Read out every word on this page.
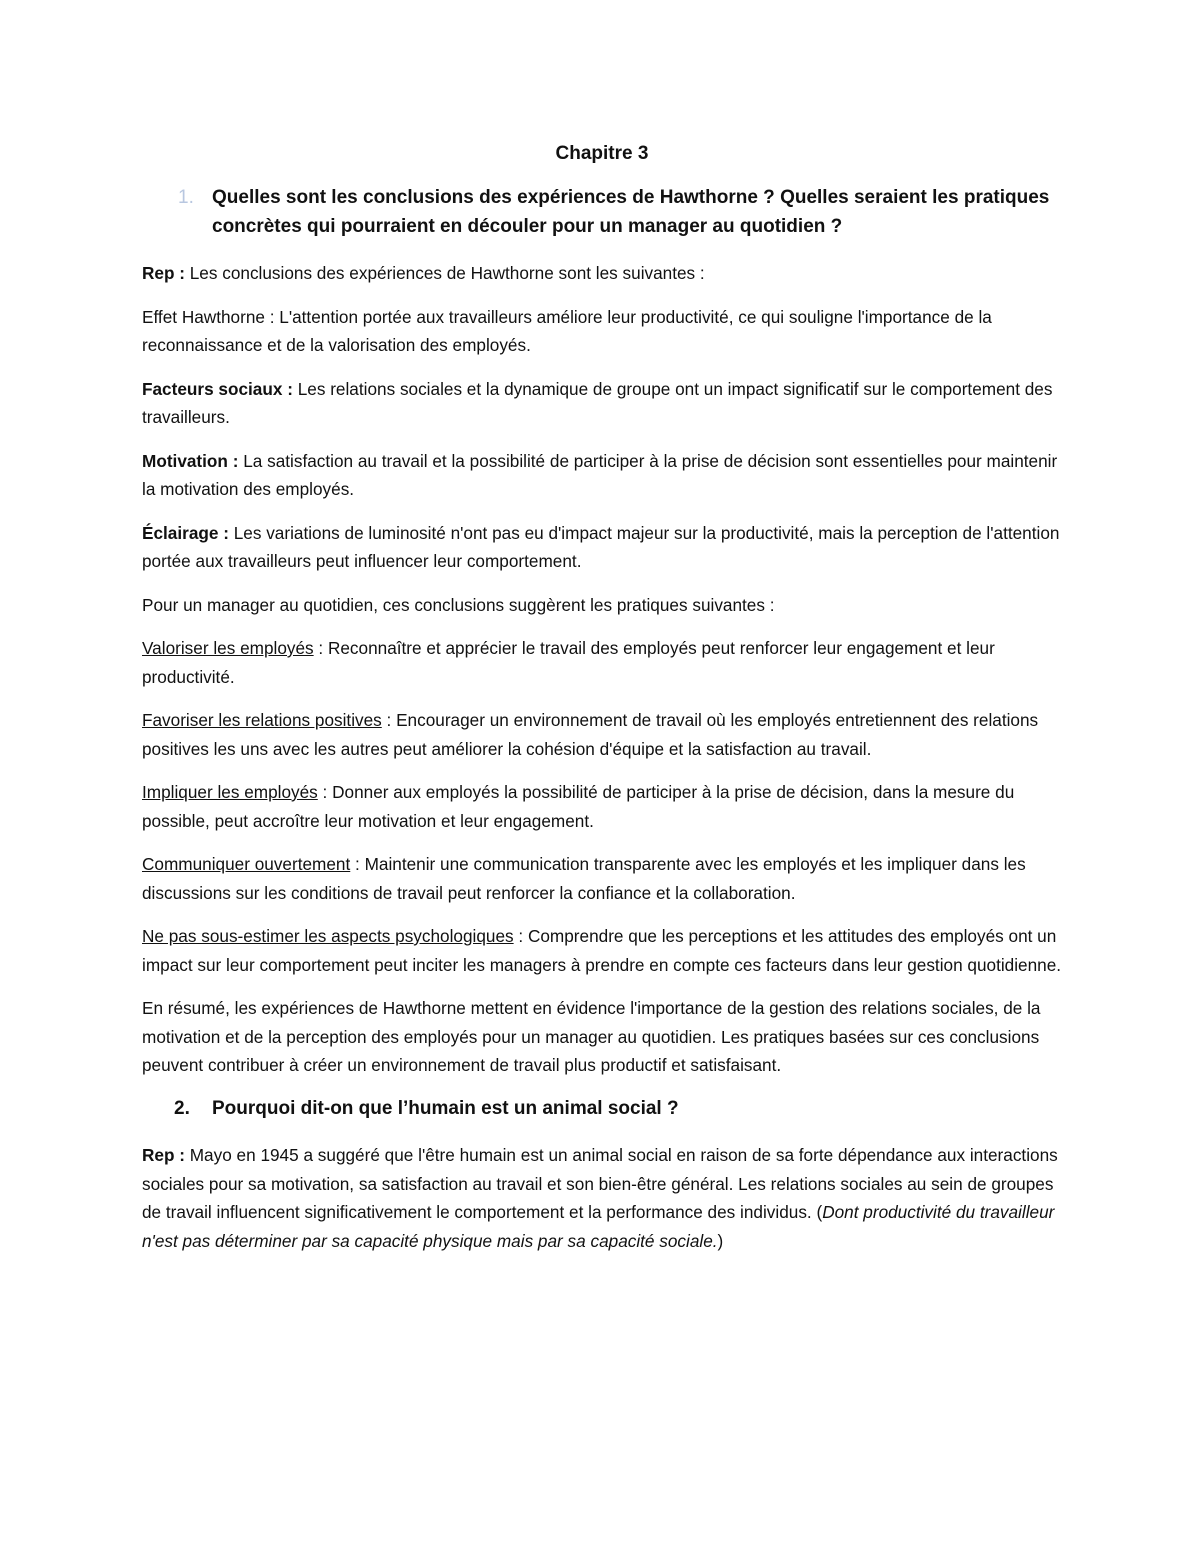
Chapitre 3
1. Quelles sont les conclusions des expériences de Hawthorne ? Quelles seraient les pratiques concrètes qui pourraient en découler pour un manager au quotidien ?

Rep : Les conclusions des expériences de Hawthorne sont les suivantes :

Effet Hawthorne : L'attention portée aux travailleurs améliore leur productivité, ce qui souligne l'importance de la reconnaissance et de la valorisation des employés.

Facteurs sociaux : Les relations sociales et la dynamique de groupe ont un impact significatif sur le comportement des travailleurs.

Motivation : La satisfaction au travail et la possibilité de participer à la prise de décision sont essentielles pour maintenir la motivation des employés.

Éclairage : Les variations de luminosité n'ont pas eu d'impact majeur sur la productivité, mais la perception de l'attention portée aux travailleurs peut influencer leur comportement.

Pour un manager au quotidien, ces conclusions suggèrent les pratiques suivantes :

Valoriser les employés : Reconnaître et apprécier le travail des employés peut renforcer leur engagement et leur productivité.

Favoriser les relations positives : Encourager un environnement de travail où les employés entretiennent des relations positives les uns avec les autres peut améliorer la cohésion d'équipe et la satisfaction au travail.

Impliquer les employés : Donner aux employés la possibilité de participer à la prise de décision, dans la mesure du possible, peut accroître leur motivation et leur engagement.

Communiquer ouvertement : Maintenir une communication transparente avec les employés et les impliquer dans les discussions sur les conditions de travail peut renforcer la confiance et la collaboration.

Ne pas sous-estimer les aspects psychologiques : Comprendre que les perceptions et les attitudes des employés ont un impact sur leur comportement peut inciter les managers à prendre en compte ces facteurs dans leur gestion quotidienne.

En résumé, les expériences de Hawthorne mettent en évidence l'importance de la gestion des relations sociales, de la motivation et de la perception des employés pour un manager au quotidien. Les pratiques basées sur ces conclusions peuvent contribuer à créer un environnement de travail plus productif et satisfaisant.

2.	Pourquoi dit-on que l’humain est un animal social ?

Rep : Mayo en 1945 a suggéré que l'être humain est un animal social en raison de sa forte dépendance aux interactions sociales pour sa motivation, sa satisfaction au travail et son bien-être général. Les relations sociales au sein de groupes de travail influencent significativement le comportement et la performance des individus. (Dont productivité du travailleur n'est pas déterminer par sa capacité physique mais par sa capacité sociale.)
